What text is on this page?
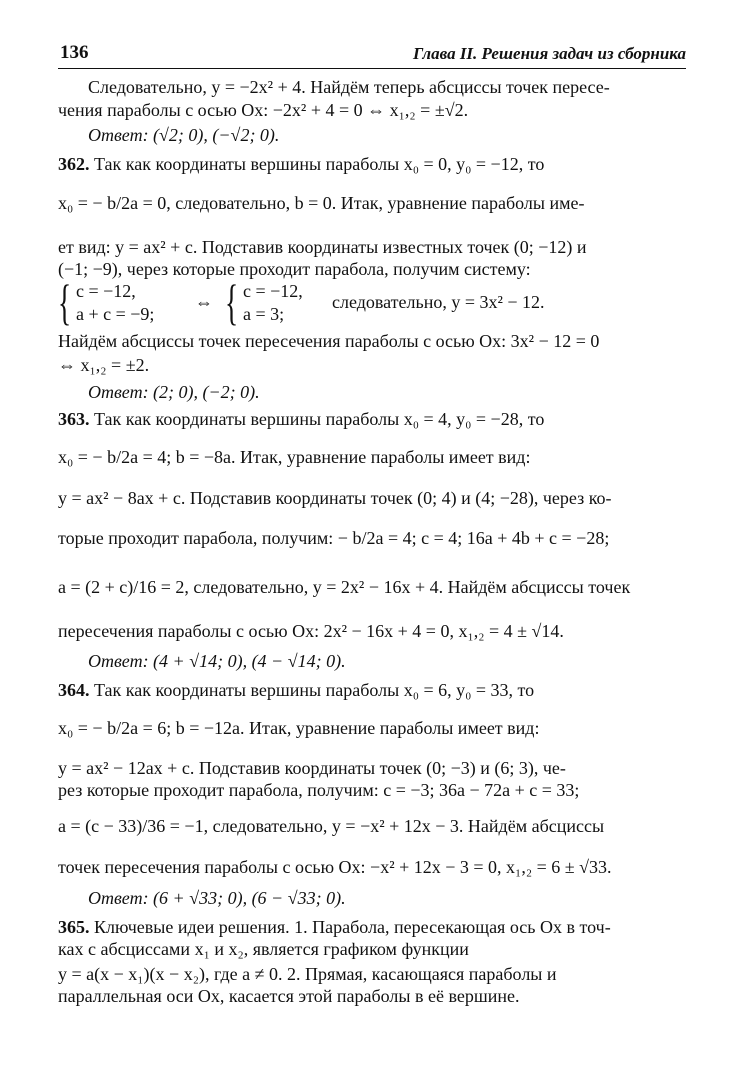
136	Глава II. Решения задач из сборника
Следовательно, y = −2x² + 4. Найдём теперь абсциссы точек пересе-
чения параболы с осью Ox: −2x² + 4 = 0 ⇔ x₁,₂ = ±√2.
Ответ: (√2; 0), (−√2; 0).
362. Так как координаты вершины параболы x₀ = 0, y₀ = −12, то
x₀ = − b/2a = 0, следовательно, b = 0. Итак, уравнение параболы име-
ет вид: y = ax² + c. Подставив координаты известных точек (0; −12) и
(−1; −9), через которые проходит парабола, получим систему:
{ c = −12,
a + c = −9;
⇔ { c = −12,
a = 3;
следовательно, y = 3x² − 12.
Найдём абсциссы точек пересечения параболы с осью Ox: 3x² − 12 = 0
⇔ x₁,₂ = ±2.
Ответ: (2; 0), (−2; 0).
363. Так как координаты вершины параболы x₀ = 4, y₀ = −28, то
x₀ = − b/2a = 4; b = −8a. Итак, уравнение параболы имеет вид:
y = ax² − 8ax + c. Подставив координаты точек (0; 4) и (4; −28), через ко-
торые проходит парабола, получим: − b/2a = 4; c = 4; 16a + 4b + c = −28;
a = (2 + c)/16 = 2, следовательно, y = 2x² − 16x + 4. Найдём абсциссы точек
пересечения параболы с осью Ox: 2x² − 16x + 4 = 0, x₁,₂ = 4 ± √14.
Ответ: (4 + √14; 0), (4 − √14; 0).
364. Так как координаты вершины параболы x₀ = 6, y₀ = 33, то
x₀ = − b/2a = 6; b = −12a. Итак, уравнение параболы имеет вид:
y = ax² − 12ax + c. Подставив координаты точек (0; −3) и (6; 3), че-
рез которые проходит парабола, получим: c = −3; 36a − 72a + c = 33;
a = (c − 33)/36 = −1, следовательно, y = −x² + 12x − 3. Найдём абсциссы
точек пересечения параболы с осью Ox: −x² + 12x − 3 = 0, x₁,₂ = 6 ± √33.
Ответ: (6 + √33; 0), (6 − √33; 0).
365. Ключевые идеи решения. 1. Парабола, пересекающая ось Ox в точ-
ках с абсциссами x₁ и x₂, является графиком функции
y = a(x − x₁)(x − x₂), где a ≠ 0. 2. Прямая, касающаяся параболы и
параллельная оси Ox, касается этой параболы в её вершине.
